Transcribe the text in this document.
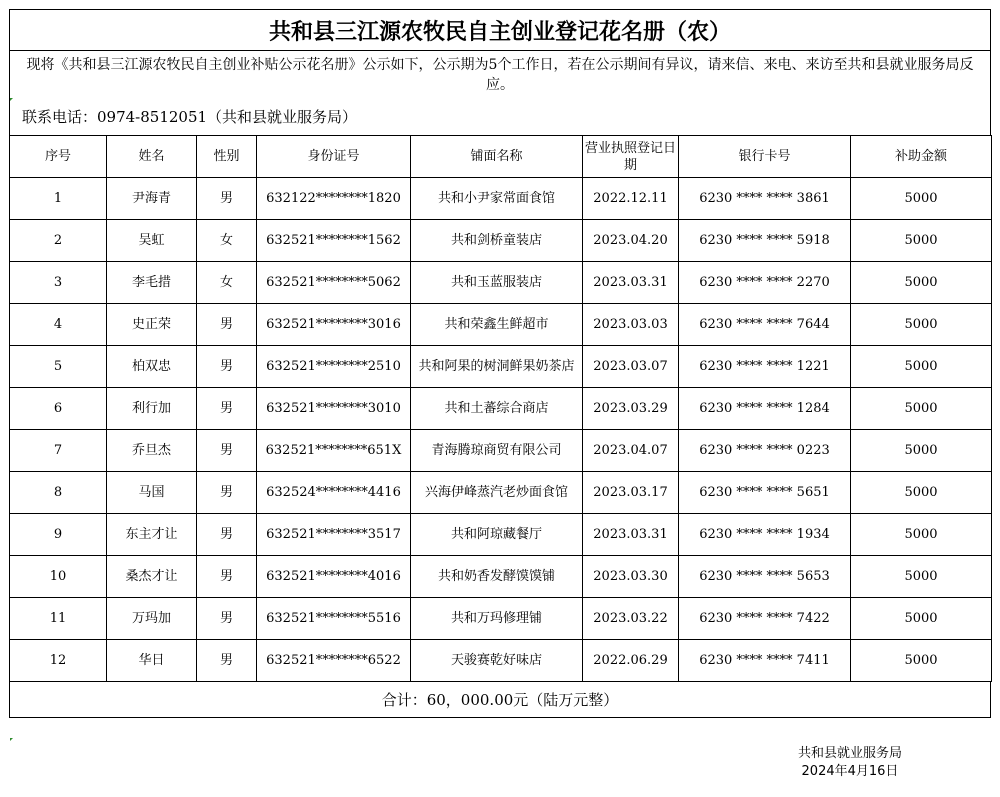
共和县三江源农牧民自主创业登记花名册（农）
现将《共和县三江源农牧民自主创业补贴公示花名册》公示如下，公示期为5个工作日，若在公示期间有异议，请来信、来电、来访至共和县就业服务局反应。
联系电话：0974-8512051（共和县就业服务局）
序号	姓名	性别	身份证号	铺面名称	营业执照登记日期	银行卡号	补助金额
1	尹海青	男	632122********1820	共和小尹家常面食馆	2022.12.11	6230 **** **** 3861	5000
2	吴虹	女	632521********1562	共和剑桥童装店	2023.04.20	6230 **** **** 5918	5000
3	李毛措	女	632521********5062	共和玉蓝服装店	2023.03.31	6230 **** **** 2270	5000
4	史正荣	男	632521********3016	共和荣鑫生鲜超市	2023.03.03	6230 **** **** 7644	5000
5	柏双忠	男	632521********2510	共和阿果的树洞鲜果奶茶店	2023.03.07	6230 **** **** 1221	5000
6	利行加	男	632521********3010	共和土蕃综合商店	2023.03.29	6230 **** **** 1284	5000
7	乔旦杰	男	632521********651X	青海腾琼商贸有限公司	2023.04.07	6230 **** **** 0223	5000
8	马国	男	632524********4416	兴海伊峰蒸汽老炒面食馆	2023.03.17	6230 **** **** 5651	5000
9	东主才让	男	632521********3517	共和阿琼藏餐厅	2023.03.31	6230 **** **** 1934	5000
10	桑杰才让	男	632521********4016	共和奶香发酵馍馍铺	2023.03.30	6230 **** **** 5653	5000
11	万玛加	男	632521********5516	共和万玛修理铺	2023.03.22	6230 **** **** 7422	5000
12	华日	男	632521********6522	天骏赛乾好味店	2022.06.29	6230 **** **** 7411	5000
合计：60，000.00元（陆万元整）
共和县就业服务局
2024年4月16日
